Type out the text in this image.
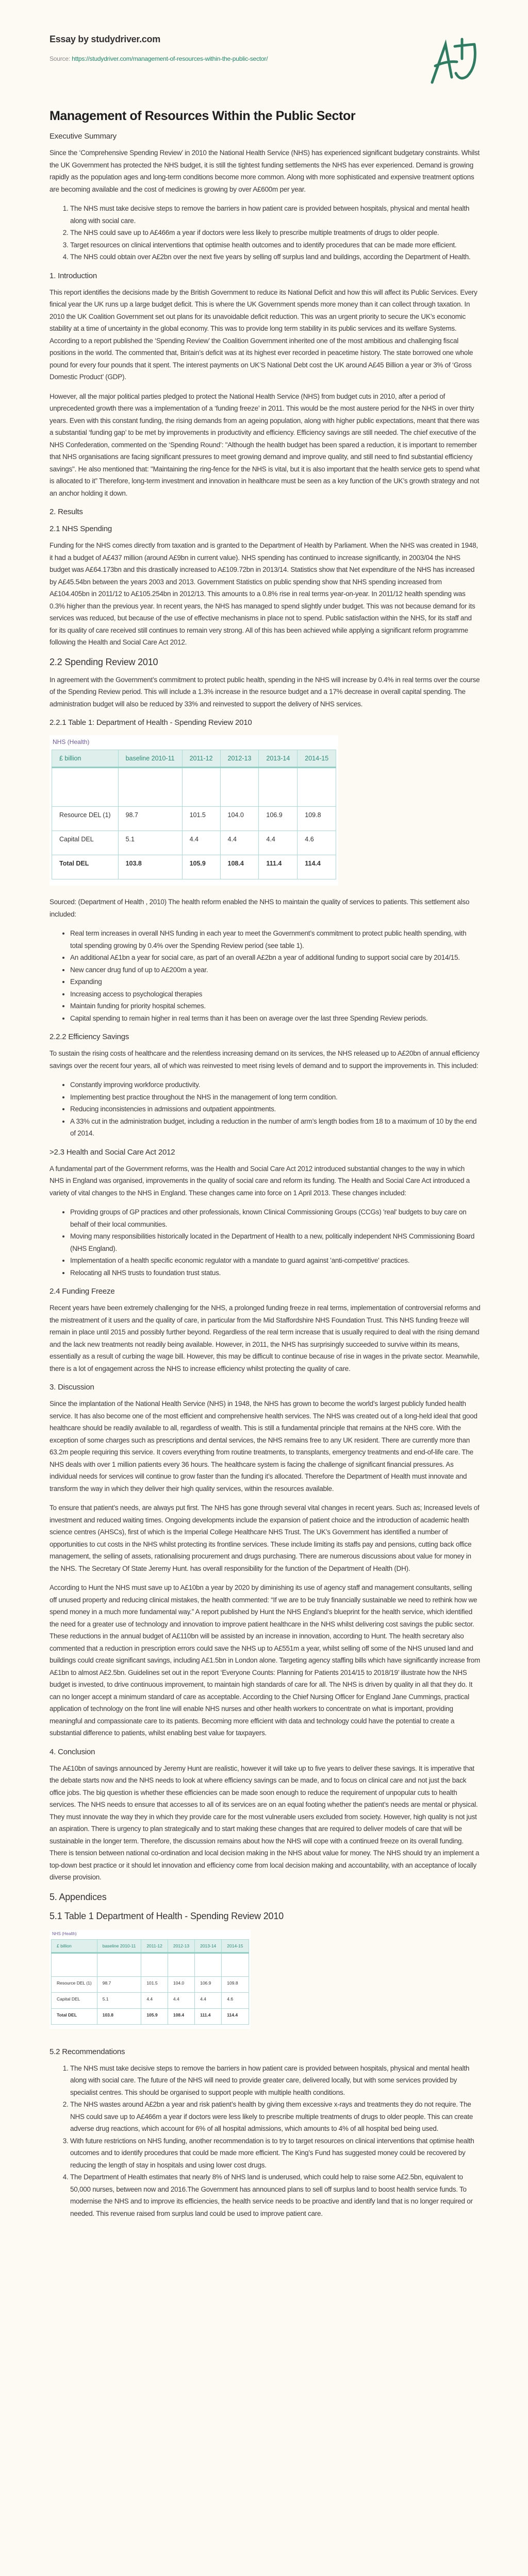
Essay by studydriver.com
Source: https://studydriver.com/management-of-resources-within-the-public-sector/
Management of Resources Within the Public Sector
Executive Summary

Since the ‘Comprehensive Spending Review’ in 2010 the National Health Service (NHS) has experienced significant budgetary constraints. Whilst the UK Government has protected the NHS budget, it is still the tightest funding settlements the NHS has ever experienced. Demand is growing rapidly as the population ages and long-term conditions become more common. Along with more sophisticated and expensive treatment options are becoming available and the cost of medicines is growing by over A£600m per year.

1. The NHS must take decisive steps to remove the barriers in how patient care is provided between hospitals, physical and mental health along with social care.
2. The NHS could save up to A£466m a year if doctors were less likely to prescribe multiple treatments of drugs to older people.
3. Target resources on clinical interventions that optimise health outcomes and to identify procedures that can be made more efficient.
4. The NHS could obtain over A£2bn over the next five years by selling off surplus land and buildings, according the Department of Health.
1. Introduction

This report identifies the decisions made by the British Government to reduce its National Deficit and how this will affect its Public Services. Every finical year the UK runs up a large budget deficit. This is where the UK Government spends more money than it can collect through taxation. In 2010 the UK Coalition Government set out plans for its unavoidable deficit reduction. This was an urgent priority to secure the UK’s economic stability at a time of uncertainty in the global economy. This was to provide long term stability in its public services and its welfare Systems. According to a report published the ‘Spending Review’ the Coalition Government inherited one of the most ambitious and challenging fiscal positions in the world. The commented that, Britain’s deficit was at its highest ever recorded in peacetime history. The state borrowed one whole pound for every four pounds that it spent. The interest payments on UK’S National Debt cost the UK around A£45 Billion a year or 3% of ‘Gross Domestic Product’ (GDP).

However, all the major political parties pledged to protect the National Health Service (NHS) from budget cuts in 2010, after a period of unprecedented growth there was a implementation of a ‘funding freeze’ in 2011. This would be the most austere period for the NHS in over thirty years. Even with this constant funding, the rising demands from an ageing population, along with higher public expectations, meant that there was a substantial ‘funding gap’ to be met by improvements in productivity and efficiency. Efficiency savings are still needed. The chief executive of the NHS Confederation, commented on the ‘Spending Round’: "Although the health budget has been spared a reduction, it is important to remember that NHS organisations are facing significant pressures to meet growing demand and improve quality, and still need to find substantial efficiency savings". He also mentioned that: "Maintaining the ring-fence for the NHS is vital, but it is also important that the health service gets to spend what is allocated to it” Therefore, long-term investment and innovation in healthcare must be seen as a key function of the UK’s growth strategy and not an anchor holding it down.

2. Results
2.1 NHS Spending

Funding for the NHS comes directly from taxation and is granted to the Department of Health by Parliament. When the NHS was created in 1948, it had a budget of A£437 million (around A£9bn in current value). NHS spending has continued to increase significantly, in 2003/04 the NHS budget was A£64.173bn and this drastically increased to A£109.72bn in 2013/14. Statistics show that Net expenditure of the NHS has increased by A£45.54bn between the years 2003 and 2013. Government Statistics on public spending show that NHS spending increased from A£104.405bn in 2011/12 to A£105.254bn in 2012/13. This amounts to a 0.8% rise in real terms year-on-year. In 2011/12 health spending was 0.3% higher than the previous year. In recent years, the NHS has managed to spend slightly under budget. This was not because demand for its services was reduced, but because of the use of effective mechanisms in place not to spend. Public satisfaction within the NHS, for its staff and for its quality of care received still continues to remain very strong. All of this has been achieved while applying a significant reform programme following the Health and Social Care Act 2012.

2.2 Spending Review 2010

In agreement with the Government’s commitment to protect public health, spending in the NHS will increase by 0.4% in real terms over the course of the Spending Review period. This will include a 1.3% increase in the resource budget and a 17% decrease in overall capital spending. The administration budget will also be reduced by 33% and reinvested to support the delivery of NHS services.

2.2.1 Table 1: Department of Health - Spending Review 2010
NHS (Health)
£ billion	baseline 2010-11	2011-12	2012-13	2013-14	2014-15

Resource DEL (1)	98.7	101.5	104.0	106.9	109.8
Capital DEL	5.1	4.4	4.4	4.4	4.6
Total DEL	103.8	105.9	108.4	111.4	114.4

Sourced: (Department of Health , 2010) The health reform enabled the NHS to maintain the quality of services to patients. This settlement also included:

• Real term increases in overall NHS funding in each year to meet the Government’s commitment to protect public health spending, with total spending growing by 0.4% over the Spending Review period (see table 1).
• An additional A£1bn a year for social care, as part of an overall A£2bn a year of additional funding to support social care by 2014/15.
• New cancer drug fund of up to A£200m a year.
• Expanding
• Increasing access to psychological therapies
• Maintain funding for priority hospital schemes.
• Capital spending to remain higher in real terms than it has been on average over the last three Spending Review periods.
2.2.2 Efficiency Savings

To sustain the rising costs of healthcare and the relentless increasing demand on its services, the NHS released up to A£20bn of annual efficiency savings over the recent four years, all of which was reinvested to meet rising levels of demand and to support the improvements in. This included:

• Constantly improving workforce productivity.
• Implementing best practice throughout the NHS in the management of long term condition.
• Reducing inconsistencies in admissions and outpatient appointments.
• A 33% cut in the administration budget, including a reduction in the number of arm’s length bodies from 18 to a maximum of 10 by the end of 2014.
>2.3 Health and Social Care Act 2012

A fundamental part of the Government reforms, was the Health and Social Care Act 2012 introduced substantial changes to the way in which NHS in England was organised, improvements in the quality of social care and reform its funding. The Health and Social Care Act introduced a variety of vital changes to the NHS in England. These changes came into force on 1 April 2013. These changes included:

• Providing groups of GP practices and other professionals, known Clinical Commissioning Groups (CCGs) 'real' budgets to buy care on behalf of their local communities.
• Moving many responsibilities historically located in the Department of Health to a new, politically independent NHS Commissioning Board (NHS England).
• Implementation of a health specific economic regulator with a mandate to guard against 'anti-competitive' practices.
• Relocating all NHS trusts to foundation trust status.
2.4 Funding Freeze

Recent years have been extremely challenging for the NHS, a prolonged funding freeze in real terms, implementation of controversial reforms and the mistreatment of it users and the quality of care, in particular from the Mid Staffordshire NHS Foundation Trust. This NHS funding freeze will remain in place until 2015 and possibly further beyond. Regardless of the real term increase that is usually required to deal with the rising demand and the lack new treatments not readily being available. However, in 2011, the NHS has surprisingly succeeded to survive within its means, essentially as a result of curbing the wage bill. However, this may be difficult to continue because of rise in wages in the private sector. Meanwhile, there is a lot of engagement across the NHS to increase efficiency whilst protecting the quality of care.

3. Discussion

Since the implantation of the National Health Service (NHS) in 1948, the NHS has grown to become the world’s largest publicly funded health service. It has also become one of the most efficient and comprehensive health services. The NHS was created out of a long-held ideal that good healthcare should be readily available to all, regardless of wealth. This is still a fundamental principle that remains at the NHS core. With the exception of some charges such as prescriptions and dental services, the NHS remains free to any UK resident. There are currently more than 63.2m people requiring this service. It covers everything from routine treatments, to transplants, emergency treatments and end-of-life care. The NHS deals with over 1 million patients every 36 hours. The healthcare system is facing the challenge of significant financial pressures. As individual needs for services will continue to grow faster than the funding it’s allocated. Therefore the Department of Health must innovate and transform the way in which they deliver their high quality services, within the resources available.

To ensure that patient’s needs, are always put first. The NHS has gone through several vital changes in recent years. Such as; Increased levels of investment and reduced waiting times. Ongoing developments include the expansion of patient choice and the introduction of academic health science centres (AHSCs), first of which is the Imperial College Healthcare NHS Trust. The UK’s Government has identified a number of opportunities to cut costs in the NHS whilst protecting its frontline services. These include limiting its staffs pay and pensions, cutting back office management, the selling of assets, rationalising procurement and drugs purchasing. There are numerous discussions about value for money in the NHS. The Secretary Of State Jeremy Hunt. has overall responsibility for the function of the Department of Health (DH).

According to Hunt the NHS must save up to A£10bn a year by 2020 by diminishing its use of agency staff and management consultants, selling off unused property and reducing clinical mistakes, the health commented: “If we are to be truly financially sustainable we need to rethink how we spend money in a much more fundamental way.” A report published by Hunt the NHS England’s blueprint for the health service, which identified the need for a greater use of technology and innovation to improve patient healthcare in the NHS whilst delivering cost savings the public sector. These reductions in the annual budget of A£110bn will be assisted by an increase in innovation, according to Hunt. The health secretary also commented that a reduction in prescription errors could save the NHS up to A£551m a year, whilst selling off some of the NHS unused land and buildings could create significant savings, including A£1.5bn in London alone. Targeting agency staffing bills which have significantly increase from A£1bn to almost A£2.5bn. Guidelines set out in the report ‘Everyone Counts: Planning for Patients 2014/15 to 2018/19’ illustrate how the NHS budget is invested, to drive continuous improvement, to maintain high standards of care for all. The NHS is driven by quality in all that they do. It can no longer accept a minimum standard of care as acceptable. According to the Chief Nursing Officer for England Jane Cummings, practical application of technology on the front line will enable NHS nurses and other health workers to concentrate on what is important, providing meaningful and compassionate care to its patients. Becoming more efficient with data and technology could have the potential to create a substantial difference to patients, whilst enabling best value for taxpayers.

4. Conclusion

The A£10bn of savings announced by Jeremy Hunt are realistic, however it will take up to five years to deliver these savings. It is imperative that the debate starts now and the NHS needs to look at where efficiency savings can be made, and to focus on clinical care and not just the back office jobs. The big question is whether these efficiencies can be made soon enough to reduce the requirement of unpopular cuts to health services. The NHS needs to ensure that accesses to all of its services are on an equal footing whether the patient’s needs are mental or physical. They must innovate the way they in which they provide care for the most vulnerable users excluded from society. However, high quality is not just an aspiration. There is urgency to plan strategically and to start making these changes that are required to deliver models of care that will be sustainable in the longer term. Therefore, the discussion remains about how the NHS will cope with a continued freeze on its overall funding. There is tension between national co-ordination and local decision making in the NHS about value for money. The NHS should try an implement a top-down best practice or it should let innovation and efficiency come from local decision making and accountability, with an acceptance of locally diverse provision.

5. Appendices
5.1 Table 1 Department of Health - Spending Review 2010
NHS (Health)
£ billion	baseline 2010-11	2011-12	2012-13	2013-14	2014-15

Resource DEL (1)	98.7	101.5	104.0	106.9	109.8
Capital DEL	5.1	4.4	4.4	4.4	4.6
Total DEL	103.8	105.9	108.4	111.4	114.4
5.2 Recommendations
1. The NHS must take decisive steps to remove the barriers in how patient care is provided between hospitals, physical and mental health along with social care. The future of the NHS will need to provide greater care, delivered locally, but with some services provided by specialist centres. This should be organised to support people with multiple health conditions.
2. The NHS wastes around A£2bn a year and risk patient’s health by giving them excessive x-rays and treatments they do not require. The NHS could save up to A£466m a year if doctors were less likely to prescribe multiple treatments of drugs to older people. This can create adverse drug reactions, which account for 6% of all hospital admissions, which amounts to 4% of all hospital bed being used.
3. With future restrictions on NHS funding, another recommendation is to try to target resources on clinical interventions that optimise health outcomes and to identify procedures that could be made more efficient. The King’s Fund has suggested money could be recovered by reducing the length of stay in hospitals and using lower cost drugs.
4. The Department of Health estimates that nearly 8% of NHS land is underused, which could help to raise some A£2.5bn, equivalent to 50,000 nurses, between now and 2016.The Government has announced plans to sell off surplus land to boost health service funds. To modernise the NHS and to improve its efficiencies, the health service needs to be proactive and identify land that is no longer required or needed. This revenue raised from surplus land could be used to improve patient care.
